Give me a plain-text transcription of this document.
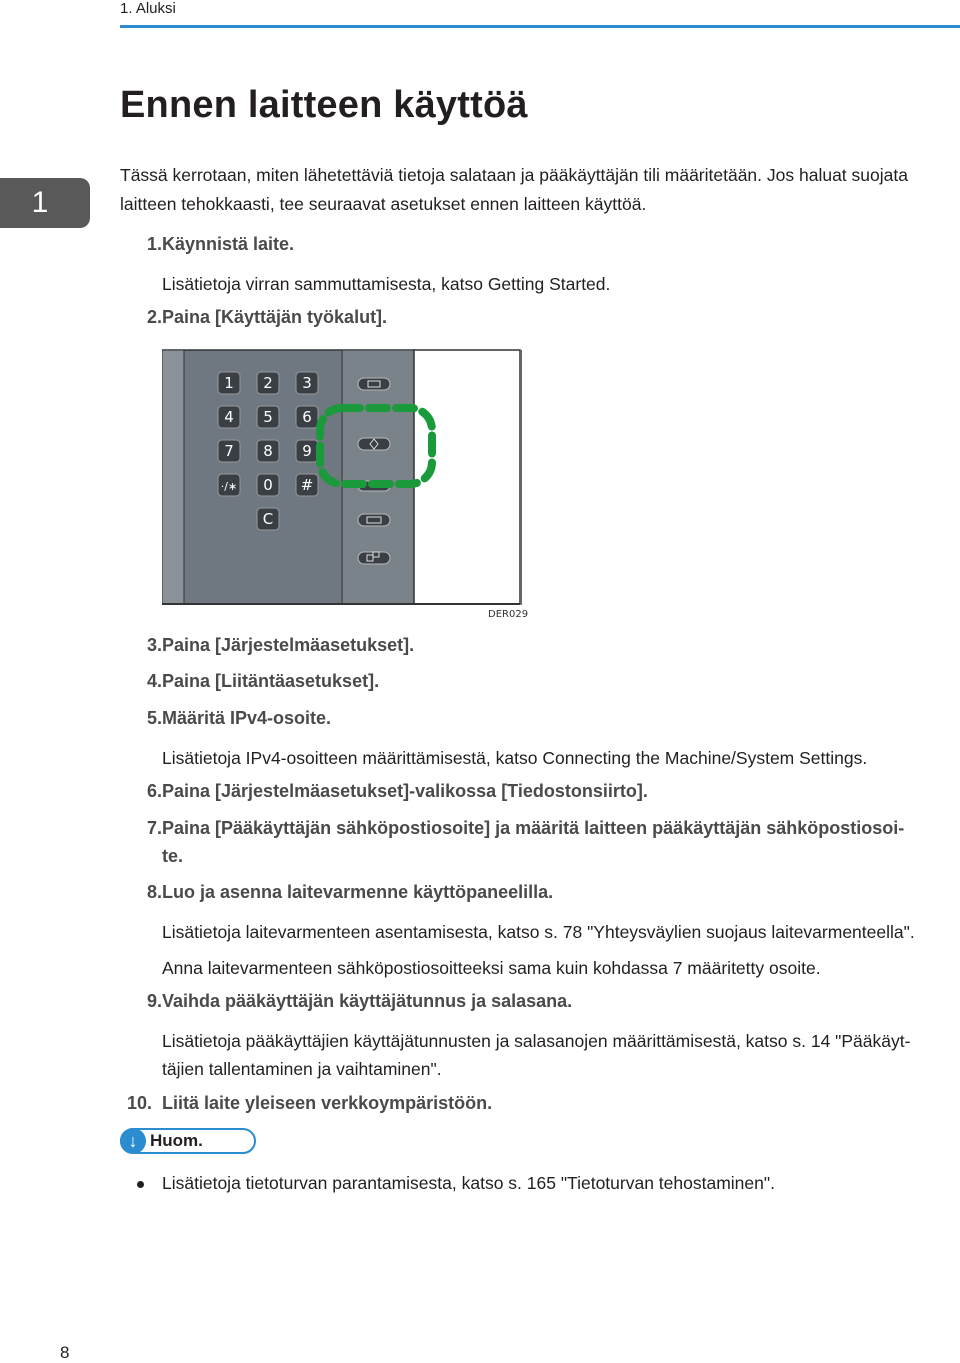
1. Aluksi
1
Ennen laitteen käyttöä

Tässä kerrotaan, miten lähetettäviä tietoja salataan ja pääkäyttäjän tili määritetään. Jos haluat suojata laitteen tehokkaasti, tee seuraavat asetukset ennen laitteen käyttöä.

1. Käynnistä laite.
Lisätietoja virran sammuttamisesta, katso Getting Started.
2. Paina [Käyttäjän työkalut].
1 2 3
4 5 6
7 8 9
·/∗ 0 #
C
DER029
3. Paina [Järjestelmäasetukset].
4. Paina [Liitäntäasetukset].
5. Määritä IPv4-osoite.
Lisätietoja IPv4-osoitteen määrittämisestä, katso Connecting the Machine/System Settings.
6. Paina [Järjestelmäasetukset]-valikossa [Tiedostonsiirto].
7. Paina [Pääkäyttäjän sähköpostiosoite] ja määritä laitteen pääkäyttäjän sähköpostiosoi-
te.
8. Luo ja asenna laitevarmenne käyttöpaneelilla.
Lisätietoja laitevarmenteen asentamisesta, katso s. 78 "Yhteysväylien suojaus laitevarmenteella".
Anna laitevarmenteen sähköpostiosoitteeksi sama kuin kohdassa 7 määritetty osoite.
9. Vaihda pääkäyttäjän käyttäjätunnus ja salasana.
Lisätietoja pääkäyttäjien käyttäjätunnusten ja salasanojen määrittämisestä, katso s. 14 "Pääkäyt-
täjien tallentaminen ja vaihtaminen".
10. Liitä laite yleiseen verkkoympäristöön.
↓ Huom.
Lisätietoja tietoturvan parantamisesta, katso s. 165 "Tietoturvan tehostaminen".
8
